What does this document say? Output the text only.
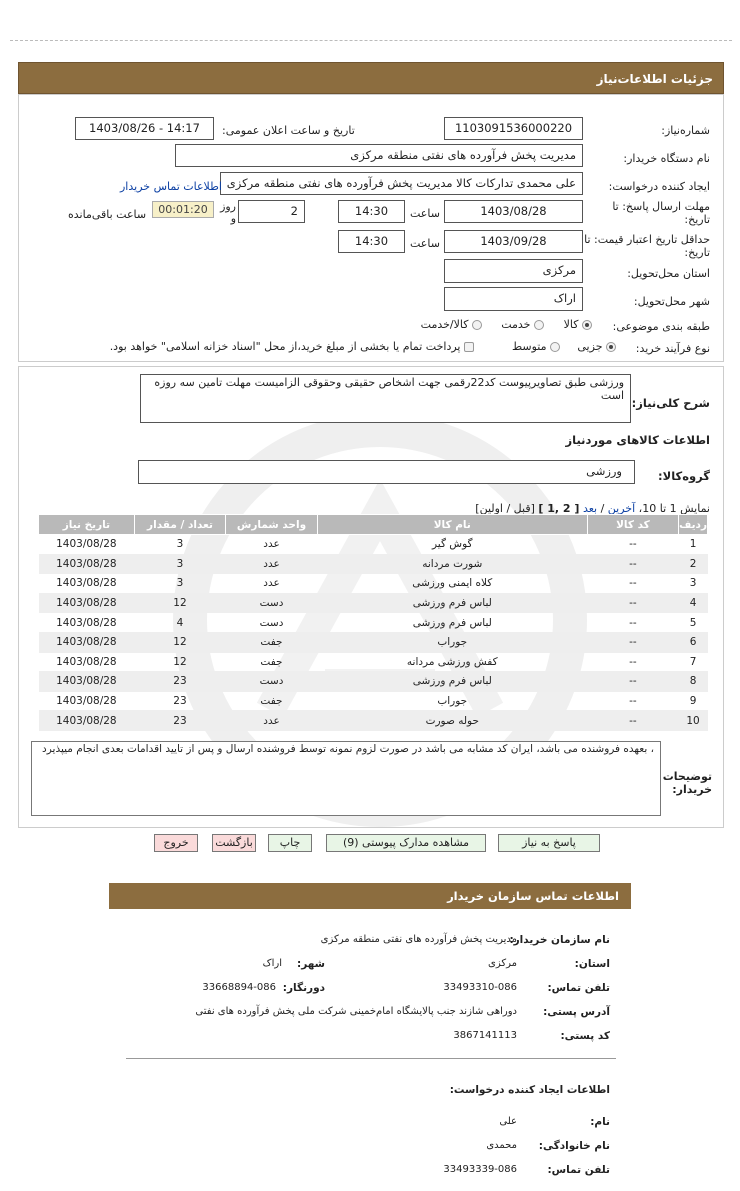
جزئیات اطلاعات‌نیاز
شماره‌نیاز:
1103091536000220
تاریخ و ساعت اعلان عمومی:
1403/08/26 - 14:17
نام دستگاه خریدار:
مدیریت پخش فرآورده های نفتی منطقه مرکزی
ایجاد کننده درخواست:
علی محمدی تدارکات کالا مدیریت پخش فرآورده های نفتی منطقه مرکزی
اطلاعات تماس خریدار
مهلت ارسال پاسخ: تا تاریخ:
1403/08/28
ساعت
14:30
2
روز و
00:01:20
ساعت باقی‌مانده
حداقل تاریخ اعتبار قیمت: تا تاریخ:
1403/09/28
ساعت
14:30
استان محل‌تحویل:
مرکزی
شهر محل‌تحویل:
اراک
طبقه بندی موضوعی:
کالا
خدمت
کالا/خدمت
نوع فرآیند خرید:
جزیی
متوسط
پرداخت تمام یا بخشی از مبلغ خرید،از محل "اسناد خزانه اسلامی" خواهد بود.
شرح کلی‌نیاز:
ورزشی طبق تصاویرپیوست کد22رقمی جهت اشخاص حقیقی وحقوقی الزامیست مهلت تامین سه روزه است
اطلاعات کالاهای موردنیاز
گروه‌کالا:
ورزشی
نمایش 1 تا 10، آخرین / بعد [ 2 ,1 ] [قبل / اولین]
ردیف	کد کالا	نام کالا	واحد شمارش	تعداد / مقدار	تاریخ نیاز
1	--	گوش گیر	عدد	3	1403/08/28
2	--	شورت مردانه	عدد	3	1403/08/28
3	--	کلاه ایمنی ورزشی	عدد	3	1403/08/28
4	--	لباس فرم ورزشی	دست	12	1403/08/28
5	--	لباس فرم ورزشی	دست	4	1403/08/28
6	--	جوراب	جفت	12	1403/08/28
7	--	کفش ورزشی مردانه	جفت	12	1403/08/28
8	--	لباس فرم ورزشی	دست	23	1403/08/28
9	--	جوراب	جفت	23	1403/08/28
10	--	حوله صورت	عدد	23	1403/08/28
، بعهده فروشنده می باشد، ایران کد مشابه می باشد در صورت لزوم نمونه توسط فروشنده ارسال و پس از تایید اقدامات بعدی انجام میپذیرد
توضیحات خریدار:
پاسخ به نیاز
مشاهده مدارک پیوستی (9)
چاپ
بازگشت
خروج
اطلاعات تماس سازمان خریدار
نام سازمان خریدار:
مدیریت پخش فرآورده های نفتی منطقه مرکزی
استان:
مرکزی
شهر:
اراک
تلفن تماس:
33493310-086
دورنگار:
33668894-086
آدرس پستی:
دوراهی شازند جنب پالایشگاه امام‌خمینی شرکت ملی پخش فرآورده های نفتی
کد پستی:
3867141113
اطلاعات ایجاد کننده درخواست:
نام:
علی
نام خانوادگی:
محمدی
تلفن تماس:
33493339-086
